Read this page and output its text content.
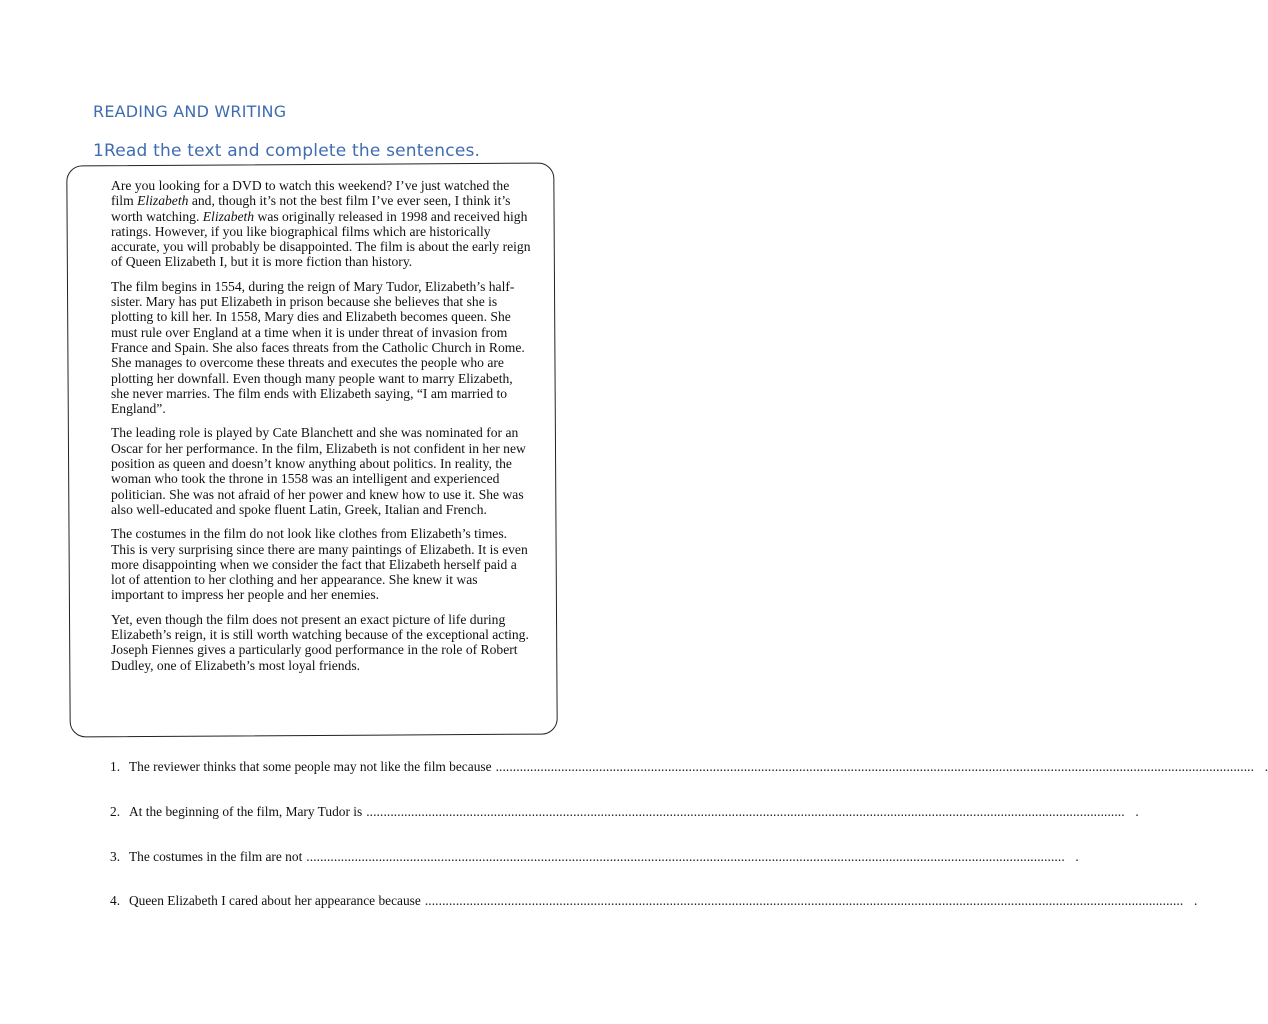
READING AND WRITING
1Read the text and complete the sentences.

Are you looking for a DVD to watch this weekend? I’ve just watched the film Elizabeth and, though it’s not the best film I’ve ever seen, I think it’s worth watching. Elizabeth was originally released in 1998 and received high ratings. However, if you like biographical films which are historically accurate, you will probably be disappointed. The film is about the early reign of Queen Elizabeth I, but it is more fiction than history.

The film begins in 1554, during the reign of Mary Tudor, Elizabeth’s half- sister. Mary has put Elizabeth in prison because she believes that she is plotting to kill her. In 1558, Mary dies and Elizabeth becomes queen. She must rule over England at a time when it is under threat of invasion from France and Spain. She also faces threats from the Catholic Church in Rome. She manages to overcome these threats and executes the people who are plotting her downfall. Even though many people want to marry Elizabeth, she never marries. The film ends with Elizabeth saying, “I am married to England”.

The leading role is played by Cate Blanchett and she was nominated for an Oscar for her performance. In the film, Elizabeth is not confident in her new position as queen and doesn’t know anything about politics. In reality, the woman who took the throne in 1558 was an intelligent and experienced politician. She was not afraid of her power and knew how to use it. She was also well-educated and spoke fluent Latin, Greek, Italian and French.

The costumes in the film do not look like clothes from Elizabeth’s times. This is very surprising since there are many paintings of Elizabeth. It is even more disappointing when we consider the fact that Elizabeth herself paid a lot of attention to her clothing and her appearance. She knew it was important to impress her people and her enemies.

Yet, even though the film does not present an exact picture of life during Elizabeth’s reign, it is still worth watching because of the exceptional acting. Joseph Fiennes gives a particularly good performance in the role of Robert Dudley, one of Elizabeth’s most loyal friends.

1. The reviewer thinks that some people may not like the film because ............................................................................................................................................................................................................................ .
2. At the beginning of the film, Mary Tudor is ............................................................................................................................................................................................................................ .
3. The costumes in the film are not ............................................................................................................................................................................................................................ .
4. Queen Elizabeth I cared about her appearance because ............................................................................................................................................................................................................................ .
